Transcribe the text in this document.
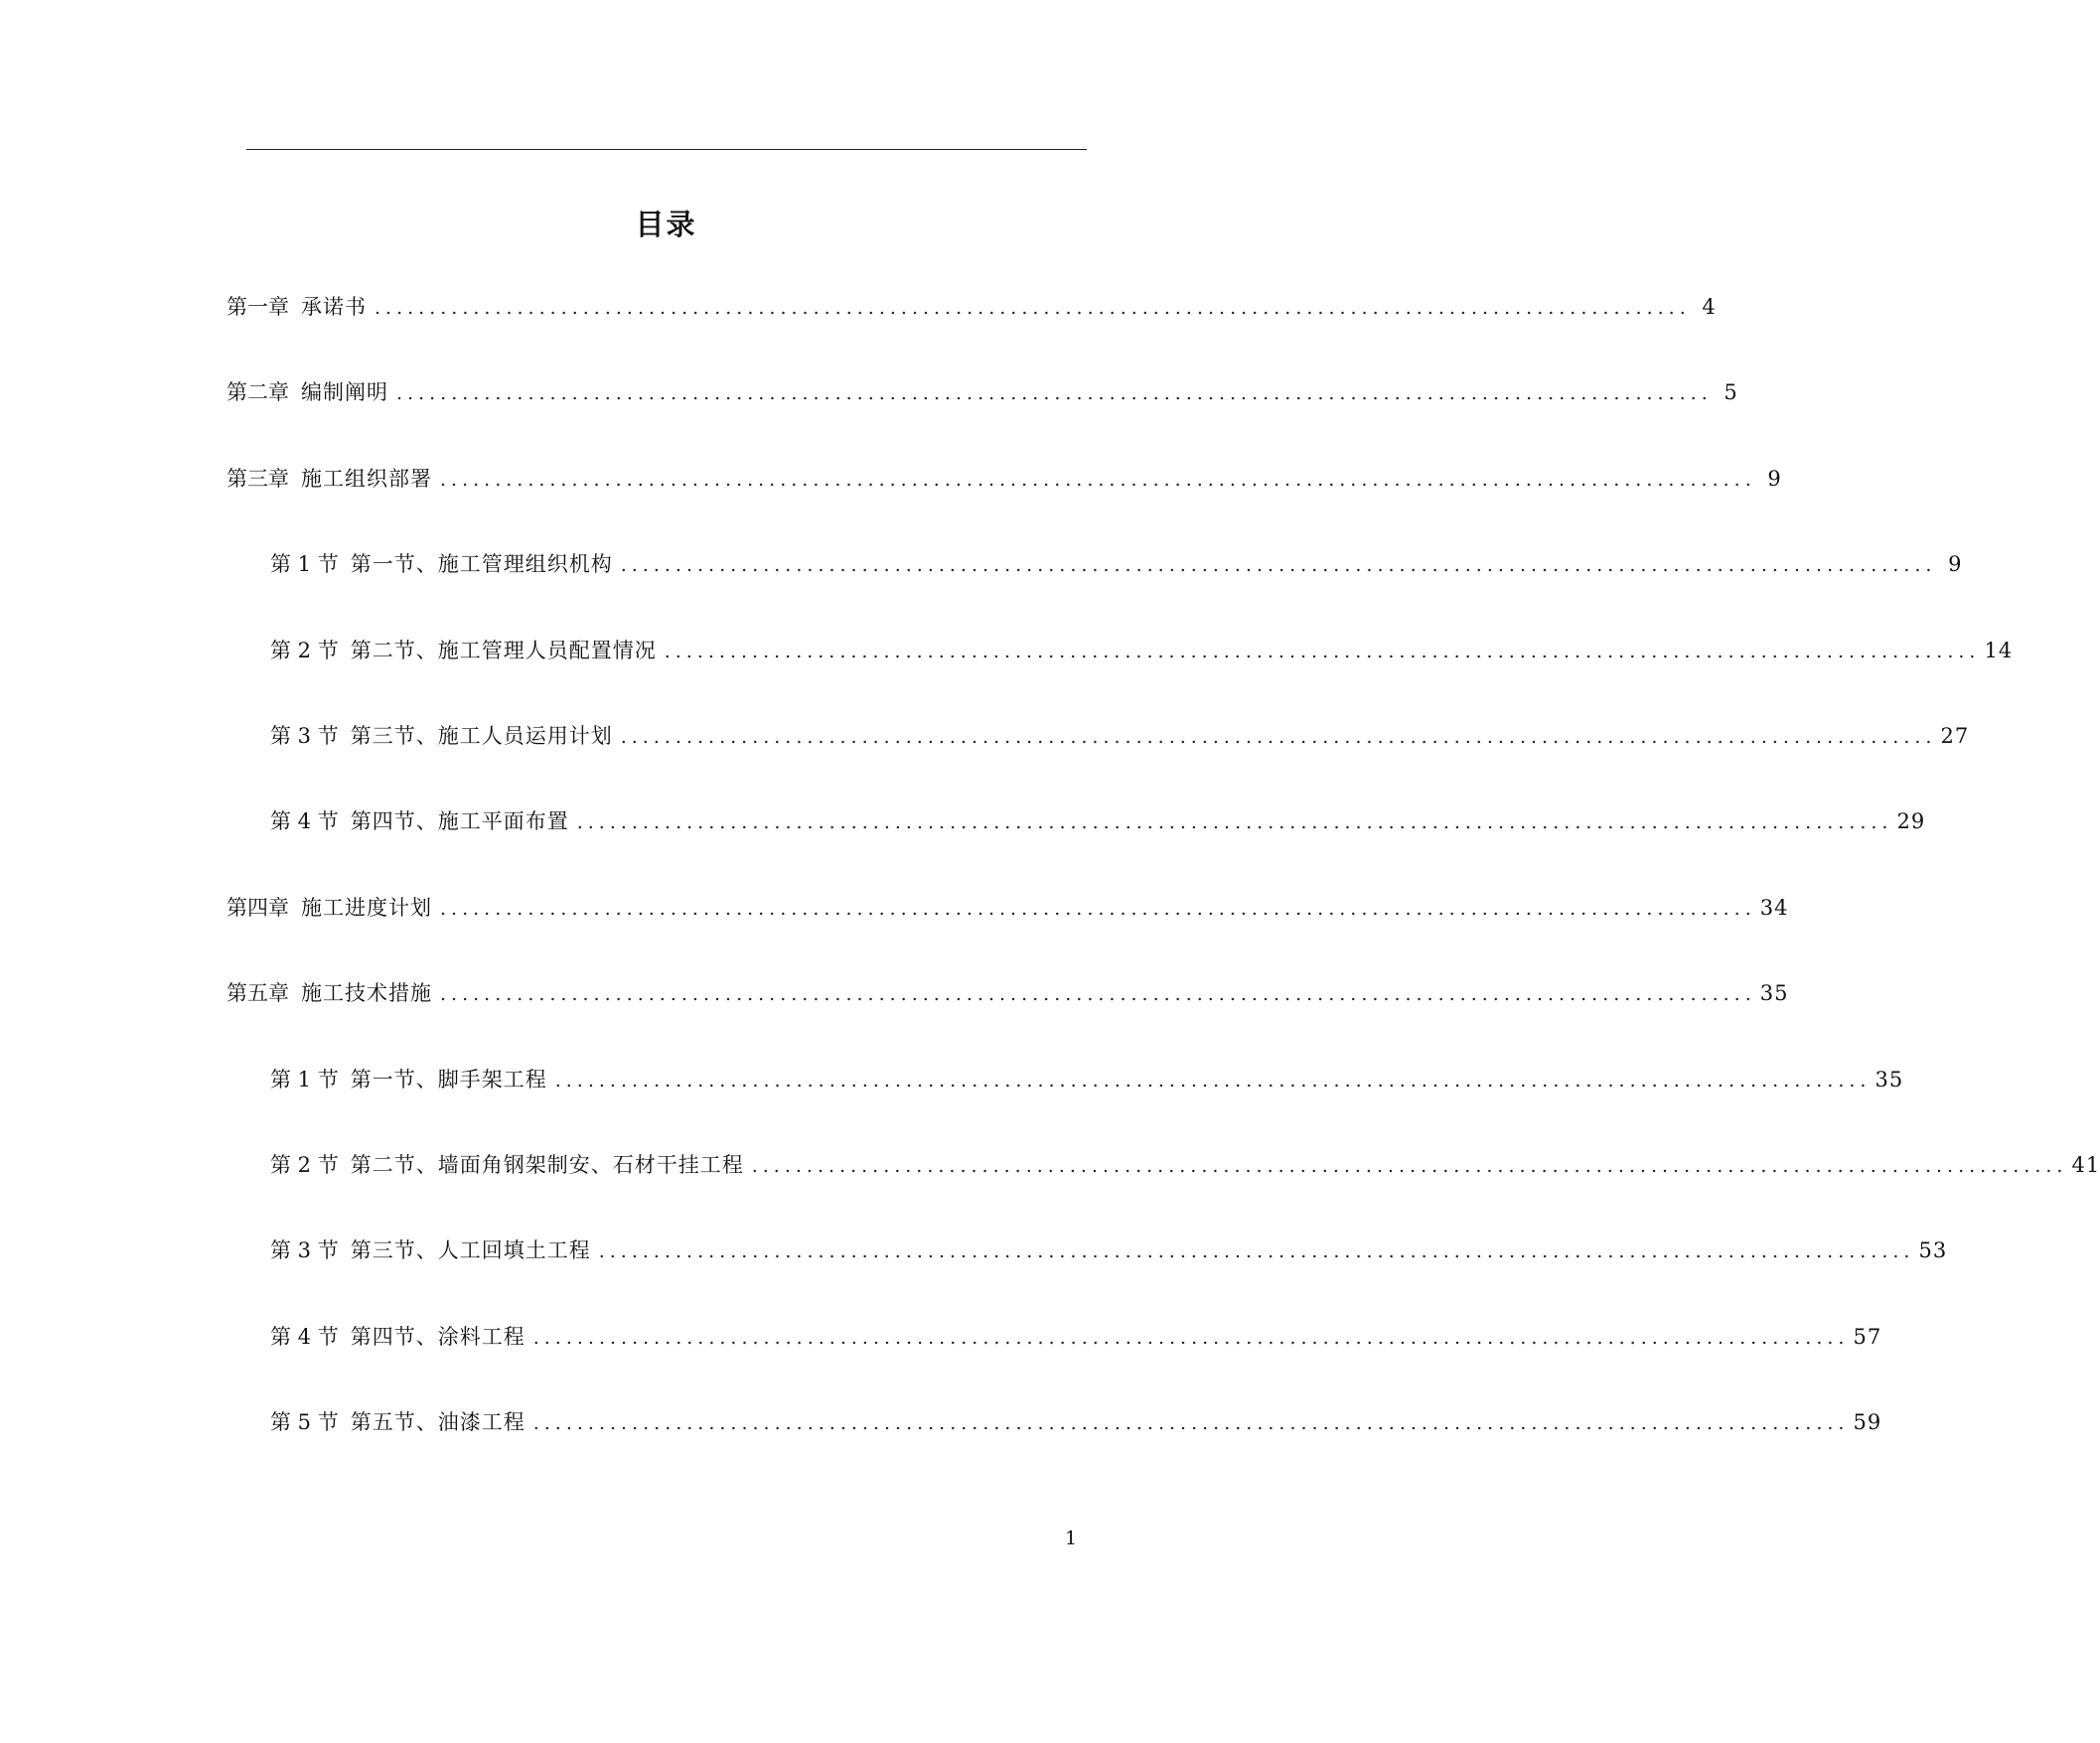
目录
第一章 承诺书 ........................................................................................................................ 4
第二章 编制阐明 ........................................................................................................................ 5
第三章 施工组织部署 ........................................................................................................................ 9
第 1 节 第一节、施工管理组织机构 ........................................................................................................................ 9
第 2 节 第二节、施工管理人员配置情况 ........................................................................................................................ 14
第 3 节 第三节、施工人员运用计划 ........................................................................................................................ 27
第 4 节 第四节、施工平面布置 ........................................................................................................................ 29
第四章 施工进度计划 ........................................................................................................................ 34
第五章 施工技术措施 ........................................................................................................................ 35
第 1 节 第一节、脚手架工程 ........................................................................................................................ 35
第 2 节 第二节、墙面角钢架制安、石材干挂工程 ........................................................................................................................ 41
第 3 节 第三节、人工回填土工程 ........................................................................................................................ 53
第 4 节 第四节、涂料工程 ........................................................................................................................ 57
第 5 节 第五节、油漆工程 ........................................................................................................................ 59
1
